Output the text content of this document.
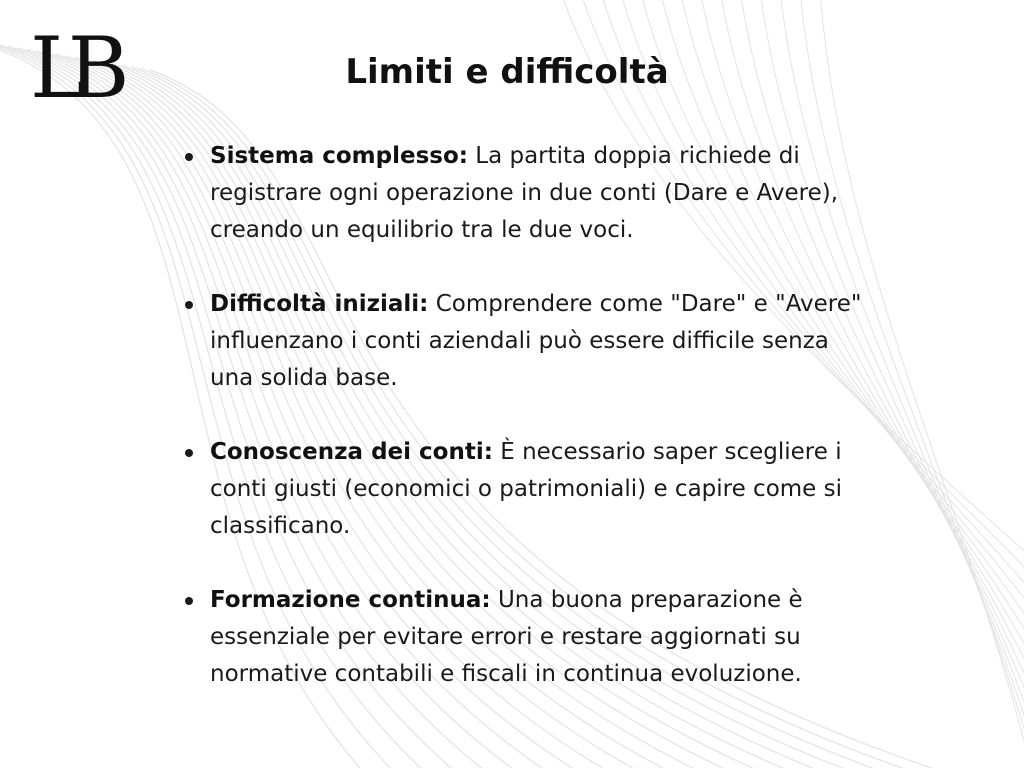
LB	Limiti e difficoltà
Sistema complesso: La partita doppia richiede di registrare ogni operazione in due conti (Dare e Avere), creando un equilibrio tra le due voci.
Difficoltà iniziali: Comprendere come "Dare" e "Avere" influenzano i conti aziendali può essere difficile senza una solida base.
Conoscenza dei conti: È necessario saper scegliere i conti giusti (economici o patrimoniali) e capire come si classificano.
Formazione continua: Una buona preparazione è essenziale per evitare errori e restare aggiornati su normative contabili e fiscali in continua evoluzione.
